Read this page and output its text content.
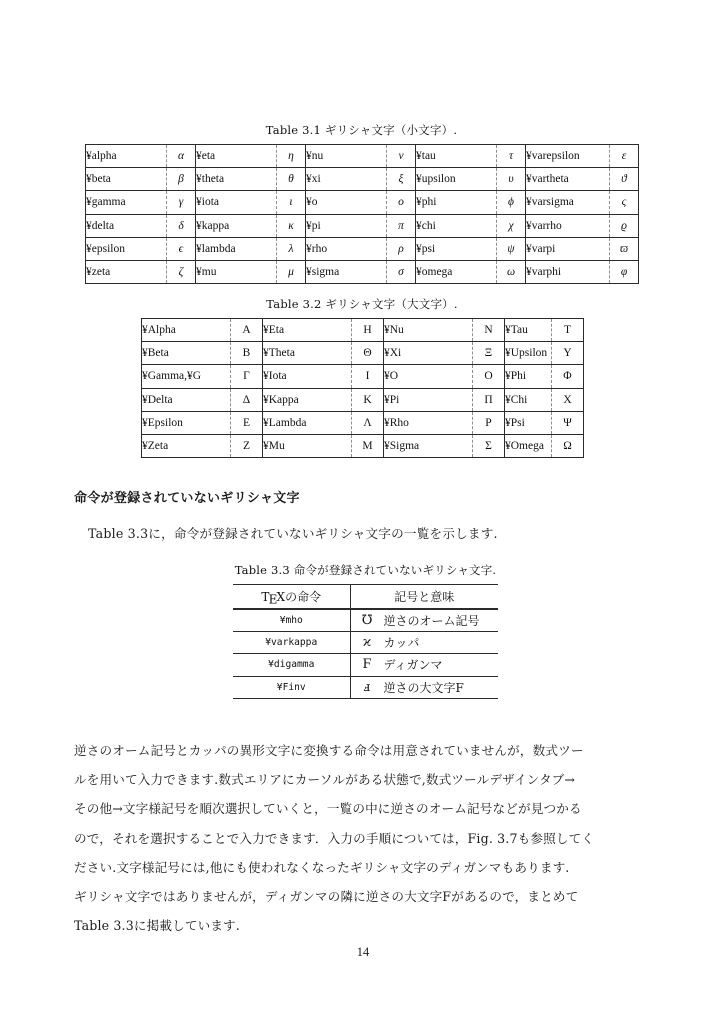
Table 3.1 ギリシャ文字（小文字）.
¥alpha	α	¥eta	η	¥nu	ν	¥tau	τ	¥varepsilon	ε
¥beta	β	¥theta	θ	¥xi	ξ	¥upsilon	υ	¥vartheta	ϑ
¥gamma	γ	¥iota	ι	¥o	ο	¥phi	ϕ	¥varsigma	ς
¥delta	δ	¥kappa	κ	¥pi	π	¥chi	χ	¥varrho	ϱ
¥epsilon	ϵ	¥lambda	λ	¥rho	ρ	¥psi	ψ	¥varpi	ϖ
¥zeta	ζ	¥mu	μ	¥sigma	σ	¥omega	ω	¥varphi	φ
Table 3.2 ギリシャ文字（大文字）.
¥Alpha	A	¥Eta	H	¥Nu	N	¥Tau	T
¥Beta	B	¥Theta	Θ	¥Xi	Ξ	¥Upsilon	Υ
¥Gamma,¥G	Γ	¥Iota	I	¥O	O	¥Phi	Φ
¥Delta	Δ	¥Kappa	K	¥Pi	Π	¥Chi	X
¥Epsilon	E	¥Lambda	Λ	¥Rho	P	¥Psi	Ψ
¥Zeta	Z	¥Mu	M	¥Sigma	Σ	¥Omega	Ω
命令が登録されていないギリシャ文字
Table 3.3に，命令が登録されていないギリシャ文字の一覧を示します.
Table 3.3 命令が登録されていないギリシャ文字.
TEXの命令	記号と意味
¥mho	℧ 逆さのオーム記号

¥varkappa	ϰ カッパ

¥digamma	Ϝ ディガンマ

¥Finv	ⅎ 逆さの大文字F
逆さのオーム記号とカッパの異形文字に変換する命令は用意されていませんが，数式ツー
ルを用いて入力できます.数式エリアにカーソルがある状態で,数式ツールデザインタブ→
その他→文字様記号を順次選択していくと，一覧の中に逆さのオーム記号などが見つかる
ので，それを選択することで入力できます．入力の手順については，Fig. 3.7も参照してく
ださい.文字様記号には,他にも使われなくなったギリシャ文字のディガンマもあります.
ギリシャ文字ではありませんが，ディガンマの隣に逆さの大文字Fがあるので，まとめて
Table 3.3に掲載しています.
14
